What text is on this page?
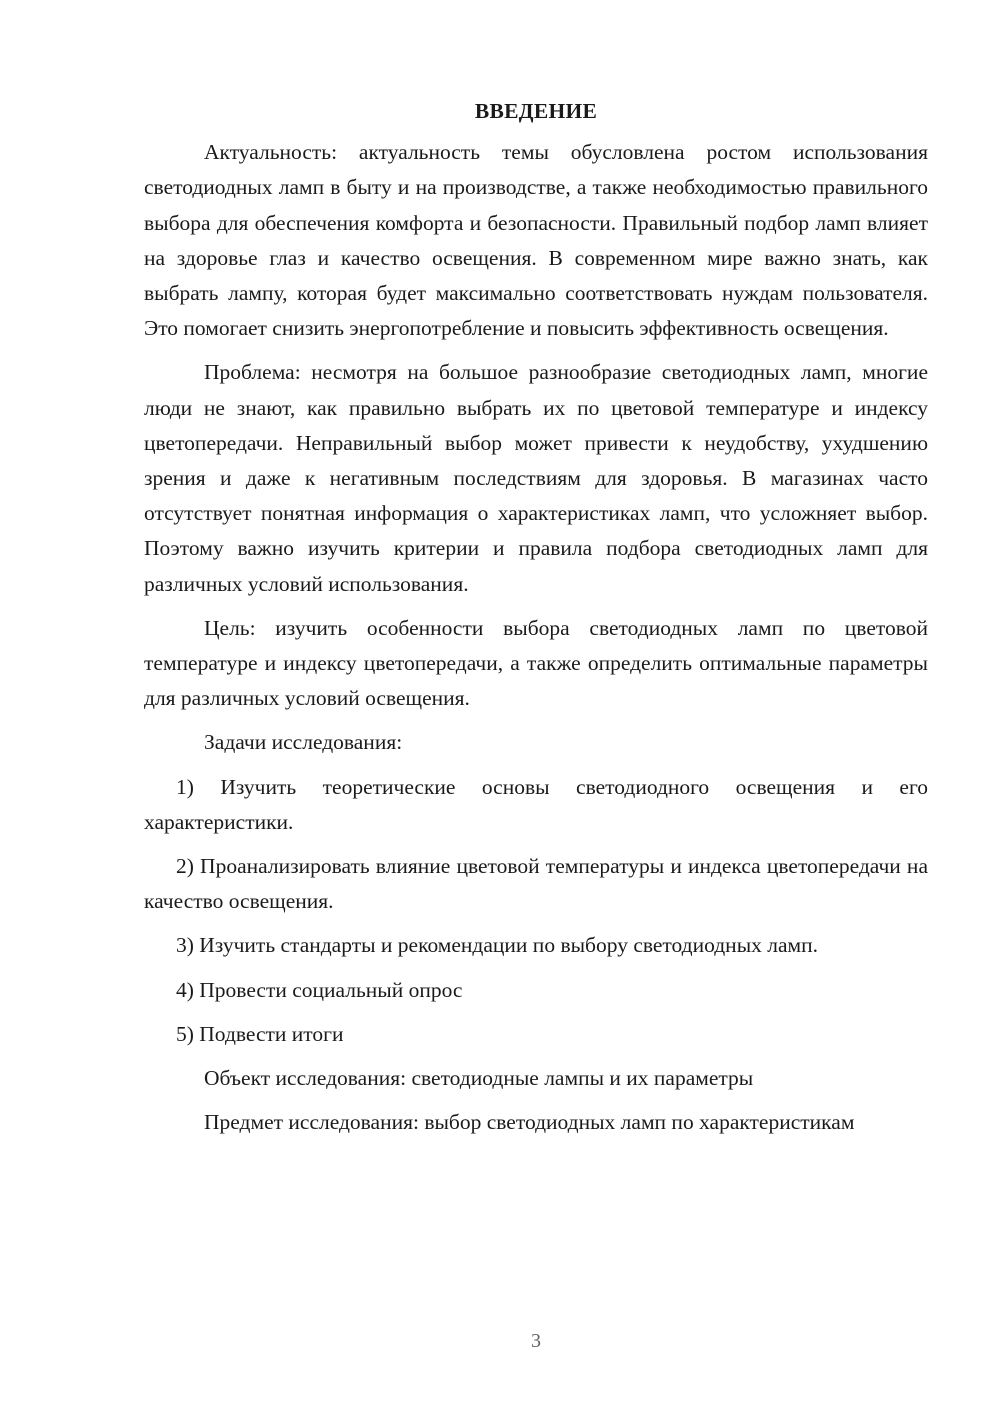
ВВЕДЕНИЕ

Актуальность: актуальность темы обусловлена ростом использования светодиодных ламп в быту и на производстве, а также необходимостью правильного выбора для обеспечения комфорта и безопасности. Правильный подбор ламп влияет на здоровье глаз и качество освещения. В современном мире важно знать, как выбрать лампу, которая будет максимально соответствовать нуждам пользователя. Это помогает снизить энергопотребление и повысить эффективность освещения.

Проблема: несмотря на большое разнообразие светодиодных ламп, многие люди не знают, как правильно выбрать их по цветовой температуре и индексу цветопередачи. Неправильный выбор может привести к неудобству, ухудшению зрения и даже к негативным последствиям для здоровья. В магазинах часто отсутствует понятная информация о характеристиках ламп, что усложняет выбор. Поэтому важно изучить критерии и правила подбора светодиодных ламп для различных условий использования.

Цель: изучить особенности выбора светодиодных ламп по цветовой температуре и индексу цветопередачи, а также определить оптимальные параметры для различных условий освещения.

Задачи исследования:

1) Изучить теоретические основы светодиодного освещения и его характеристики.

2) Проанализировать влияние цветовой температуры и индекса цветопередачи на качество освещения.

3) Изучить стандарты и рекомендации по выбору светодиодных ламп.

4) Провести социальный опрос

5) Подвести итоги

Объект исследования: светодиодные лампы и их параметры

Предмет исследования: выбор светодиодных ламп по характеристикам

3
